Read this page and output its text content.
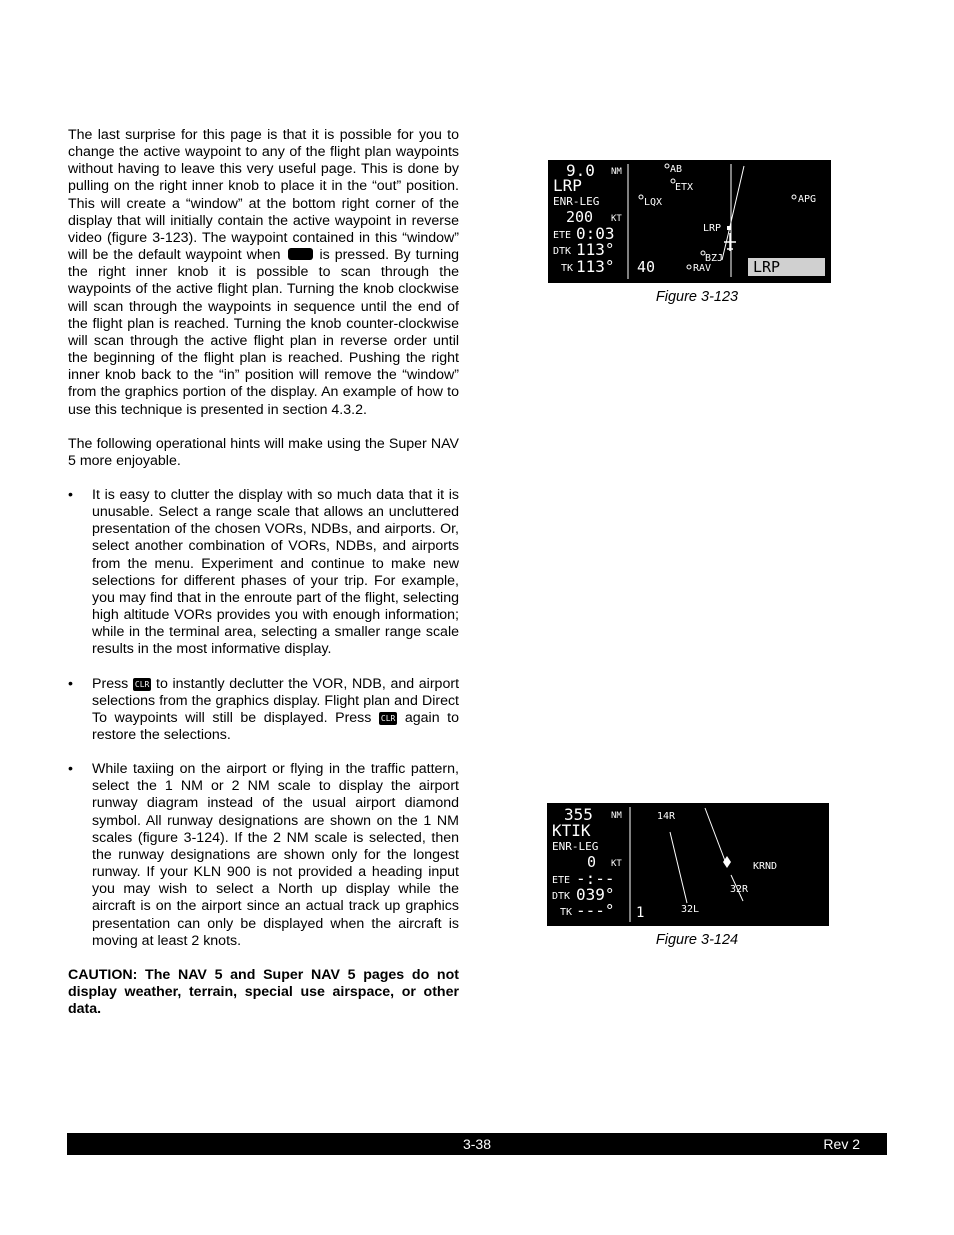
The last surprise for this page is that it is possible for you to change the active waypoint to any of the flight plan waypoints without having to leave this very useful page. This is done by pulling on the right inner knob to place it in the “out” position. This will create a “window” at the bottom right corner of the display that will initially contain the active waypoint in reverse video (figure 3-123). The waypoint contained in this “window” will be the default waypoint when	is pressed. By turning the right inner knob it is possible to scan through the waypoints of the active flight plan. Turning the knob clockwise will scan through the waypoints in sequence until the end of the flight plan is reached. Turning the knob counter-clockwise will scan through the active flight plan in reverse order until the beginning of the flight plan is reached. Pushing the right inner knob back to the “in” position will remove the “window” from the graphics portion of the display. An example of how to use this technique is presented in section 4.3.2.

The following operational hints will make using the Super NAV 5 more enjoyable.

• It is easy to clutter the display with so much data that it is unusable. Select a range scale that allows an uncluttered presentation of the chosen VORs, NDBs, and airports. Or, select another combination of VORs, NDBs, and airports from the menu. Experiment and continue to make new selections for different phases of your trip. For example, you may find that in the enroute part of the flight, selecting high altitude VORs provides you with enough information; while in the terminal area, selecting a smaller range scale results in the most informative display.
• Press CLR to instantly declutter the VOR, NDB, and airport selections from the graphics display. Flight plan and Direct To waypoints will still be displayed. Press CLR again to restore the selections.
• While taxiing on the airport or flying in the traffic pattern, select the 1 NM or 2 NM scale to display the airport runway diagram instead of the usual airport diamond symbol. All runway designations are shown on the 1 NM scales (figure 3-124). If the 2 NM scale is selected, then the runway designations are shown only for the longest runway. If your KLN 900 is not provided a heading input you may wish to select a North up display while the aircraft is on the airport since an actual track up graphics presentation can only be displayed when the aircraft is moving at least 2 knots.

CAUTION: The NAV 5 and Super NAV 5 pages do not display weather, terrain, special use airspace, or other data.

9.0 NM
LRP
ENR-LEG
200 KT
ETE 0:03
DTK 113°
TK 113° 40
AB
ETX
LQX	APG
LRP
BZJ
RAV	LRP
Figure 3-123
355 NM
KTIK
ENR-LEG
0 KT
ETE -:--
DTK 039°
TK ---° 1
14R
KRND
32R
32L
Figure 3-124
3-38	Rev 2
